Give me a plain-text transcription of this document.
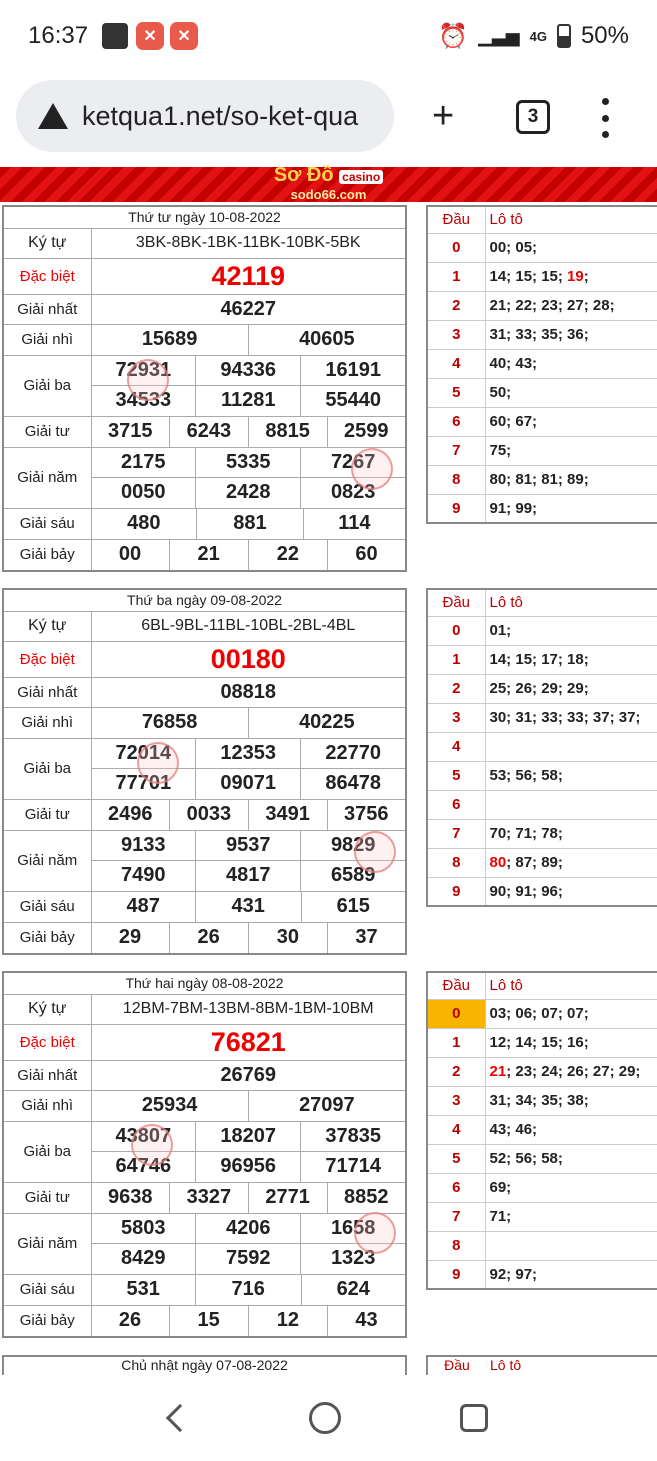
16:37	✕	✕	⏰ ▁▃▅ 4G 50%
ketqua1.net/so-ket-qua +	3
Sơ Đồ casino
sodo66.com
Thứ tư ngày 10-08-2022
Ký tự	3BK-8BK-1BK-11BK-10BK-5BK
Đặc biệt	42119
Giải nhất	46227
Giải nhì		15689	40605

Giải ba	
72931	94336	16191
34533	11281	55440

Giải tư	3715	6243	8815	2599

Giải năm	
2175	5335	7267
0050	2428	0823

Giải sáu		480	881	114

Giải bảy	00	21	22	60
Đầu	Lô tô
0	00; 05;
1	14; 15; 15; 19;
2	21; 22; 23; 27; 28;
3	31; 33; 35; 36;
4	40; 43;
5	50;
6	60; 67;
7	75;
8	80; 81; 81; 89;
9	91; 99;
Thứ ba ngày 09-08-2022
Ký tự	6BL-9BL-11BL-10BL-2BL-4BL
Đặc biệt	00180
Giải nhất	08818
Giải nhì		76858	40225

Giải ba	
72014	12353	22770
77701	09071	86478

Giải tư	2496	0033	3491	3756

Giải năm	
9133	9537	9829
7490	4817	6589

Giải sáu		487	431	615

Giải bảy	29	26	30	37
Đầu	Lô tô
0	01;
1	14; 15; 17; 18;
2	25; 26; 29; 29;
3	30; 31; 33; 33; 37; 37;
4	
5	53; 56; 58;
6	
7	70; 71; 78;
8	80; 87; 89;
9	90; 91; 96;
Thứ hai ngày 08-08-2022
Ký tự	12BM-7BM-13BM-8BM-1BM-10BM
Đặc biệt	76821
Giải nhất	26769
Giải nhì		25934	27097

Giải ba	
43807	18207	37835
64746	96956	71714

Giải tư	9638	3327	2771	8852

Giải năm	
5803	4206	1658
8429	7592	1323

Giải sáu		531	716	624

Giải bảy	26	15	12	43
Đầu	Lô tô
0	03; 06; 07; 07;
1	12; 14; 15; 16;
2	21; 23; 24; 26; 27; 29;
3	31; 34; 35; 38;
4	43; 46;
5	52; 56; 58;
6	69;
7	71;
8	
9	92; 97;
Chủ nhật ngày 07-08-2022	Đầu Lô tô
